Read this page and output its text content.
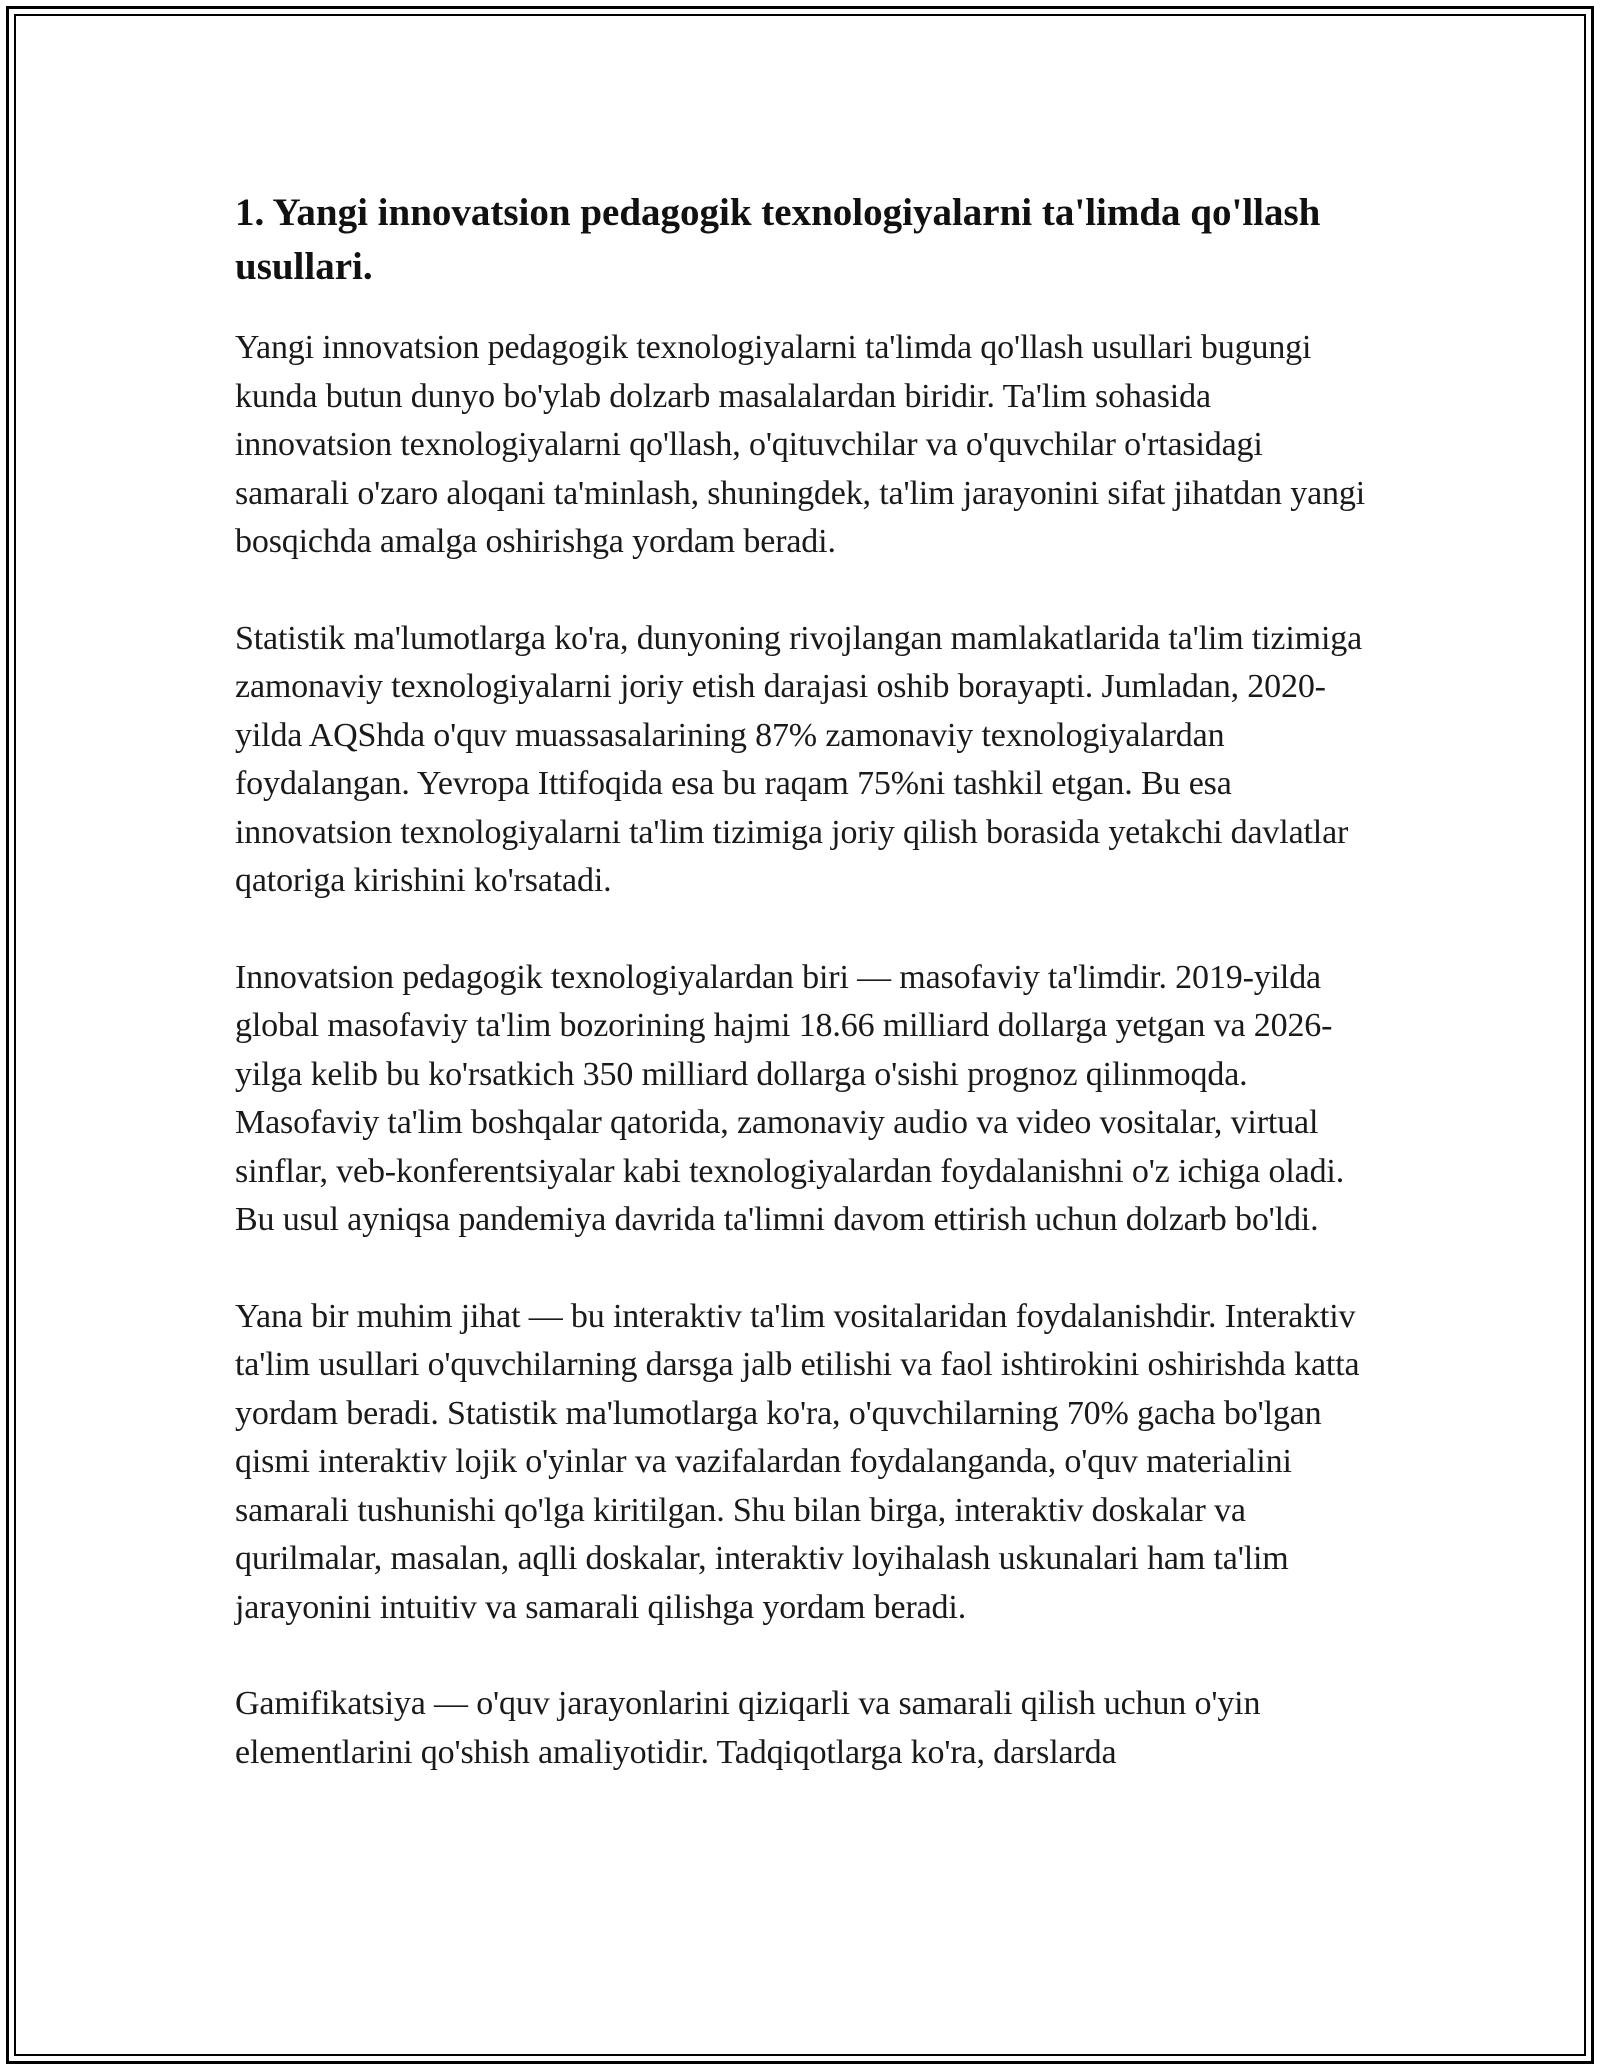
1. Yangi innovatsion pedagogik texnologiyalarni ta'limda qo'llash usullari.

Yangi innovatsion pedagogik texnologiyalarni ta'limda qo'llash usullari bugungi kunda butun dunyo bo'ylab dolzarb masalalardan biridir. Ta'lim sohasida innovatsion texnologiyalarni qo'llash, o'qituvchilar va o'quvchilar o'rtasidagi samarali o'zaro aloqani ta'minlash, shuningdek, ta'lim jarayonini sifat jihatdan yangi bosqichda amalga oshirishga yordam beradi.

Statistik ma'lumotlarga ko'ra, dunyoning rivojlangan mamlakatlarida ta'lim tizimiga zamonaviy texnologiyalarni joriy etish darajasi oshib borayapti. Jumladan, 2020-yilda AQShda o'quv muassasalarining 87% zamonaviy texnologiyalardan foydalangan. Yevropa Ittifoqida esa bu raqam 75%ni tashkil etgan. Bu esa innovatsion texnologiyalarni ta'lim tizimiga joriy qilish borasida yetakchi davlatlar qatoriga kirishini ko'rsatadi.

Innovatsion pedagogik texnologiyalardan biri — masofaviy ta'limdir. 2019-yilda global masofaviy ta'lim bozorining hajmi 18.66 milliard dollarga yetgan va 2026-yilga kelib bu ko'rsatkich 350 milliard dollarga o'sishi prognoz qilinmoqda. Masofaviy ta'lim boshqalar qatorida, zamonaviy audio va video vositalar, virtual sinflar, veb-konferentsiyalar kabi texnologiyalardan foydalanishni o'z ichiga oladi. Bu usul ayniqsa pandemiya davrida ta'limni davom ettirish uchun dolzarb bo'ldi.

Yana bir muhim jihat — bu interaktiv ta'lim vositalaridan foydalanishdir. Interaktiv ta'lim usullari o'quvchilarning darsga jalb etilishi va faol ishtirokini oshirishda katta yordam beradi. Statistik ma'lumotlarga ko'ra, o'quvchilarning 70% gacha bo'lgan qismi interaktiv lojik o'yinlar va vazifalardan foydalanganda, o'quv materialini samarali tushunishi qo'lga kiritilgan. Shu bilan birga, interaktiv doskalar va qurilmalar, masalan, aqlli doskalar, interaktiv loyihalash uskunalari ham ta'lim jarayonini intuitiv va samarali qilishga yordam beradi.

Gamifikatsiya — o'quv jarayonlarini qiziqarli va samarali qilish uchun o'yin elementlarini qo'shish amaliyotidir. Tadqiqotlarga ko'ra, darslarda
